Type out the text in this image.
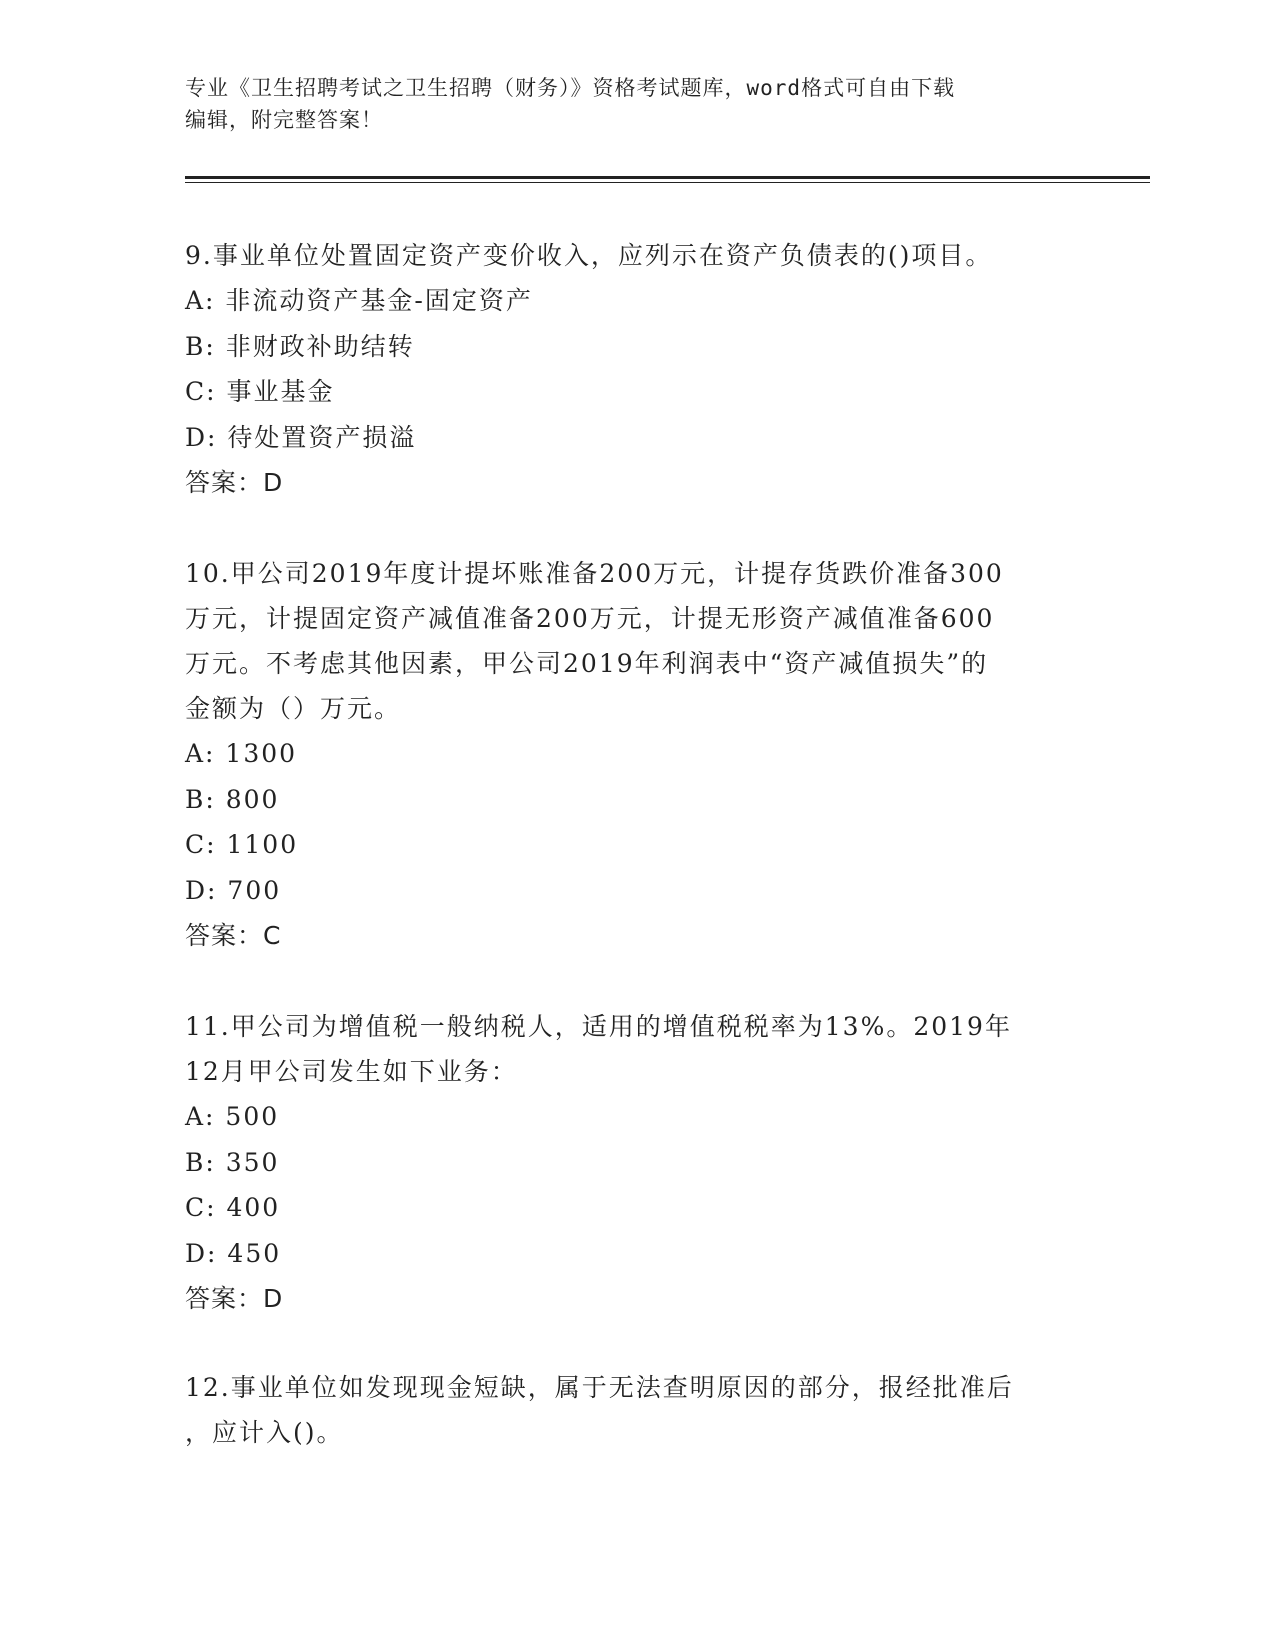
专业《卫生招聘考试之卫生招聘（财务）》资格考试题库，word格式可自由下载
编辑，附完整答案！

9.事业单位处置固定资产变价收入，应列示在资产负债表的()项目。

A: 非流动资产基金-固定资产

B: 非财政补助结转

C: 事业基金

D: 待处置资产损溢

答案：D

10.甲公司2019年度计提坏账准备200万元，计提存货跌价准备300

万元，计提固定资产减值准备200万元，计提无形资产减值准备600

万元。不考虑其他因素，甲公司2019年利润表中“资产减值损失”的

金额为（）万元。

A: 1300

B: 800

C: 1100

D: 700

答案：C

11.甲公司为增值税一般纳税人，适用的增值税税率为13%。2019年

12月甲公司发生如下业务：

A: 500

B: 350

C: 400

D: 450

答案：D

12.事业单位如发现现金短缺，属于无法查明原因的部分，报经批准后

，应计入()。
